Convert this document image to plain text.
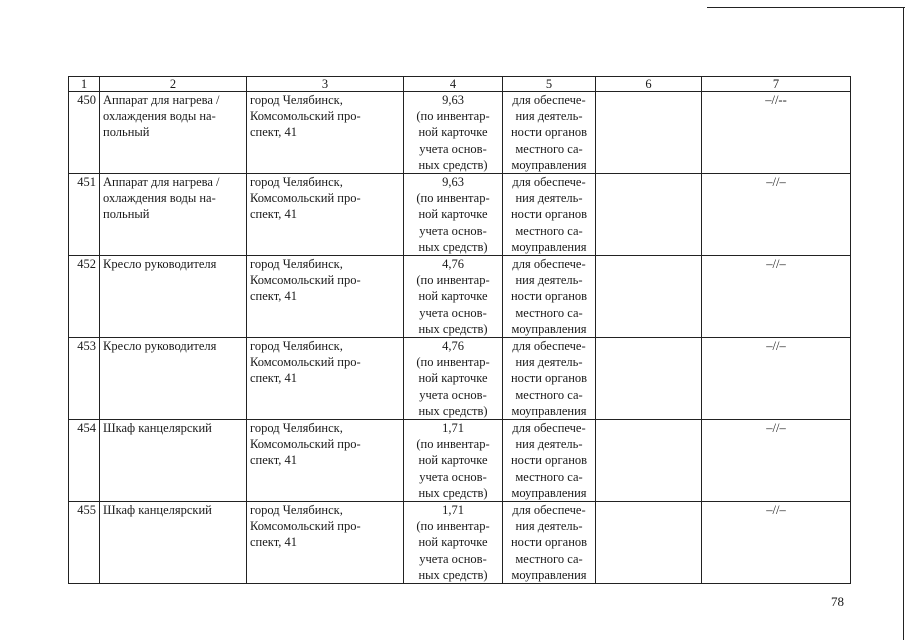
1	2	3	4	5	6	7
450	Аппарат для нагрева /
охлаждения воды на-
польный	город Челябинск,
Комсомольский про-
спект, 41	9,63
(по инвентар-
ной карточке
учета основ-
ных средств)	для обеспече-
ния деятель-
ности органов
местного са-
моуправления		–//--
451	Аппарат для нагрева /
охлаждения воды на-
польный	город Челябинск,
Комсомольский про-
спект, 41	9,63
(по инвентар-
ной карточке
учета основ-
ных средств)	для обеспече-
ния деятель-
ности органов
местного са-
моуправления		–//–
452	Кресло руководителя	город Челябинск,
Комсомольский про-
спект, 41	4,76
(по инвентар-
ной карточке
учета основ-
ных средств)	для обеспече-
ния деятель-
ности органов
местного са-
моуправления		–//–
453	Кресло руководителя	город Челябинск,
Комсомольский про-
спект, 41	4,76
(по инвентар-
ной карточке
учета основ-
ных средств)	для обеспече-
ния деятель-
ности органов
местного са-
моуправления		–//–
454	Шкаф канцелярский	город Челябинск,
Комсомольский про-
спект, 41	1,71
(по инвентар-
ной карточке
учета основ-
ных средств)	для обеспече-
ния деятель-
ности органов
местного са-
моуправления		–//–
455	Шкаф канцелярский	город Челябинск,
Комсомольский про-
спект, 41	1,71
(по инвентар-
ной карточке
учета основ-
ных средств)	для обеспече-
ния деятель-
ности органов
местного са-
моуправления		–//–
78
